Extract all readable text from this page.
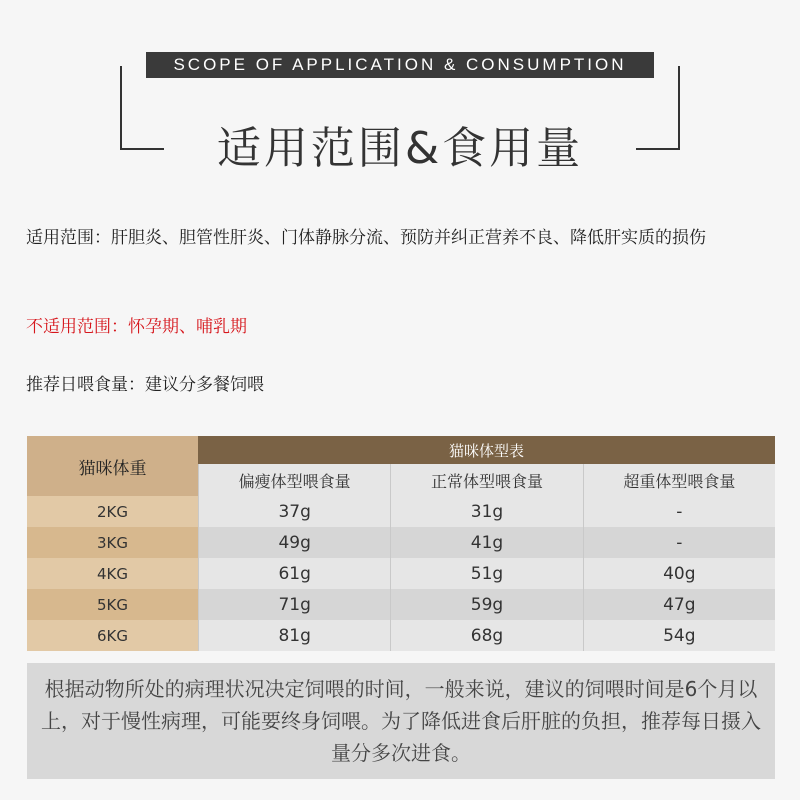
SCOPE OF APPLICATION & CONSUMPTION
适用范围&食用量
适用范围：肝胆炎、胆管性肝炎、门体静脉分流、预防并纠正营养不良、降低肝实质的损伤
不适用范围：怀孕期、哺乳期
推荐日喂食量：建议分多餐饲喂
猫咪体重
猫咪体型表
偏瘦体型喂食量	正常体型喂食量	超重体型喂食量
2KG	37g	31g	-
3KG	49g	41g	-
4KG	61g	51g	40g
5KG	71g	59g	47g
6KG	81g	68g	54g
根据动物所处的病理状况决定饲喂的时间，一般来说，建议的饲喂时间是6个月以上，对于慢性病理，可能要终身饲喂。为了降低进食后肝脏的负担，推荐每日摄入量分多次进食。
